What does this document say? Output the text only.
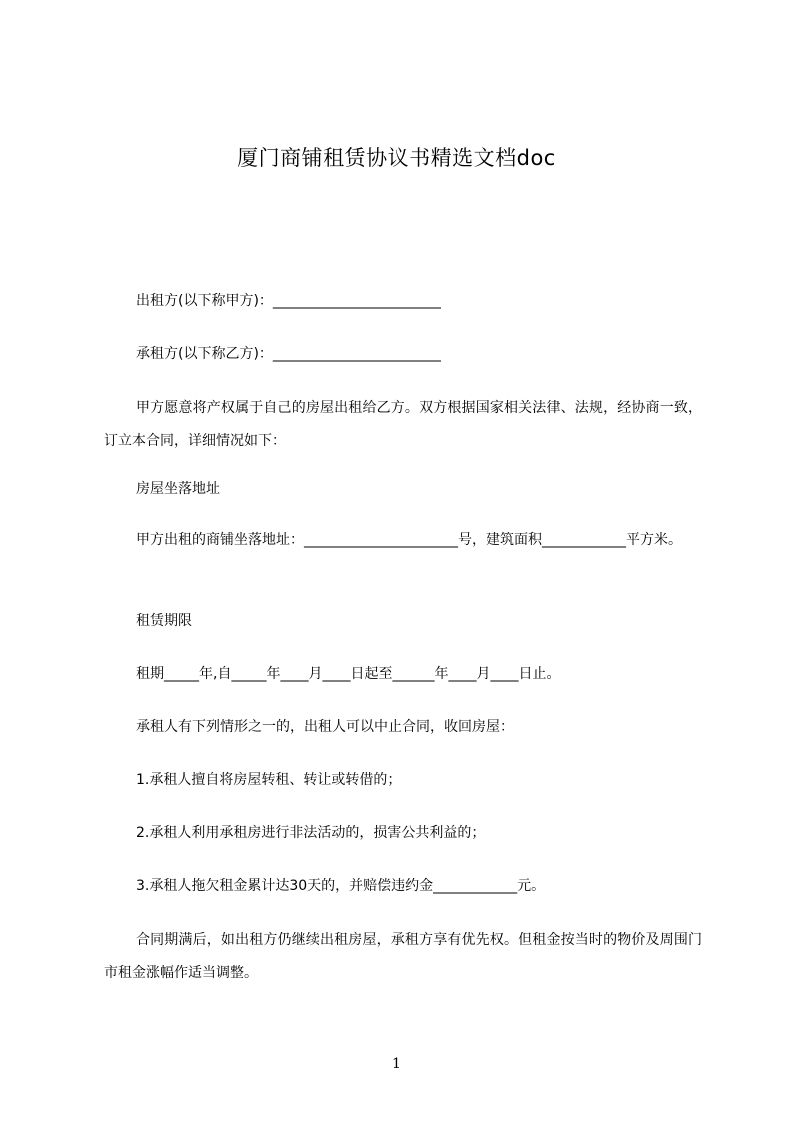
厦门商铺租赁协议书精选文档doc
出租方(以下称甲方)：________________________
承租方(以下称乙方)：________________________
甲方愿意将产权属于自己的房屋出租给乙方。双方根据国家相关法律、法规，经协商一致，订立本合同，详细情况如下：
房屋坐落地址
甲方出租的商铺坐落地址：______________________号，建筑面积____________平方米。
租赁期限
租期_____年,自_____年____月____日起至______年____月____日止。
承租人有下列情形之一的，出租人可以中止合同，收回房屋：
1.承租人擅自将房屋转租、转让或转借的；
2.承租人利用承租房进行非法活动的，损害公共利益的；
3.承租人拖欠租金累计达30天的，并赔偿违约金____________元。
合同期满后，如出租方仍继续出租房屋，承租方享有优先权。但租金按当时的物价及周围门市租金涨幅作适当调整。
1
